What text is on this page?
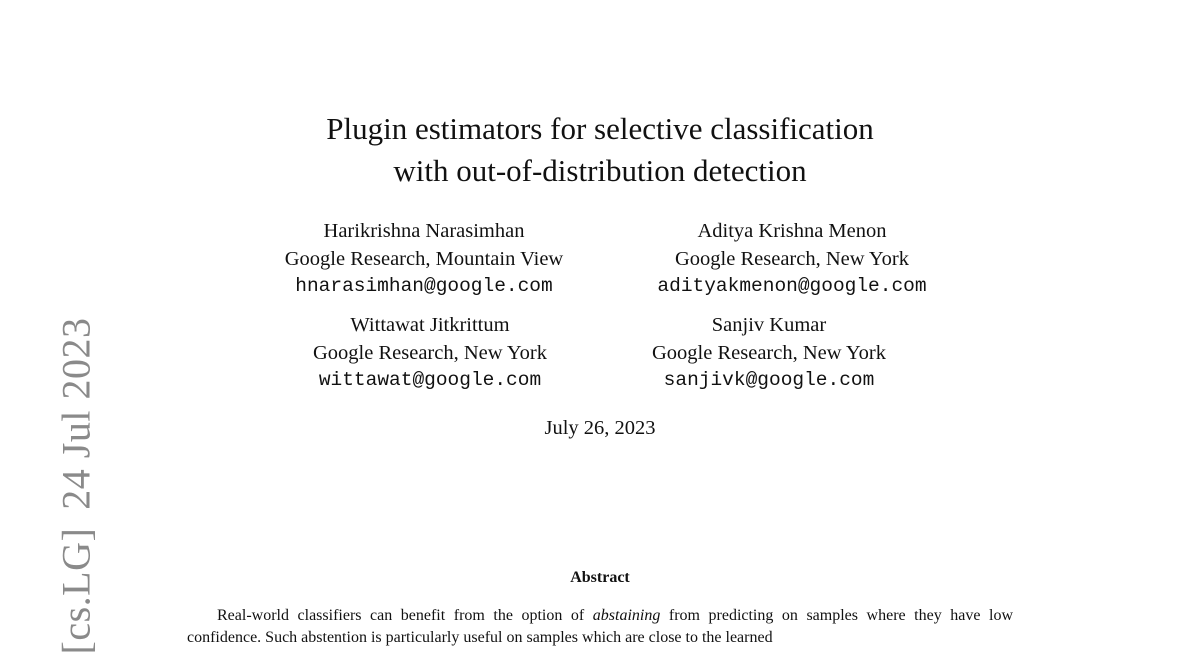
[cs.LG]24 Jul 2023
Plugin estimators for selective classification
with out-of-distribution detection
Harikrishna Narasimhan
Google Research, Mountain View
hnarasimhan@google.com
Aditya Krishna Menon
Google Research, New York
adityakmenon@google.com
Wittawat Jitkrittum
Google Research, New York
wittawat@google.com
Sanjiv Kumar
Google Research, New York
sanjivk@google.com
July 26, 2023
Abstract
Real-world classifiers can benefit from the option of abstaining from predicting on samples where they have low confidence. Such abstention is particularly useful on samples which are close to the learned
